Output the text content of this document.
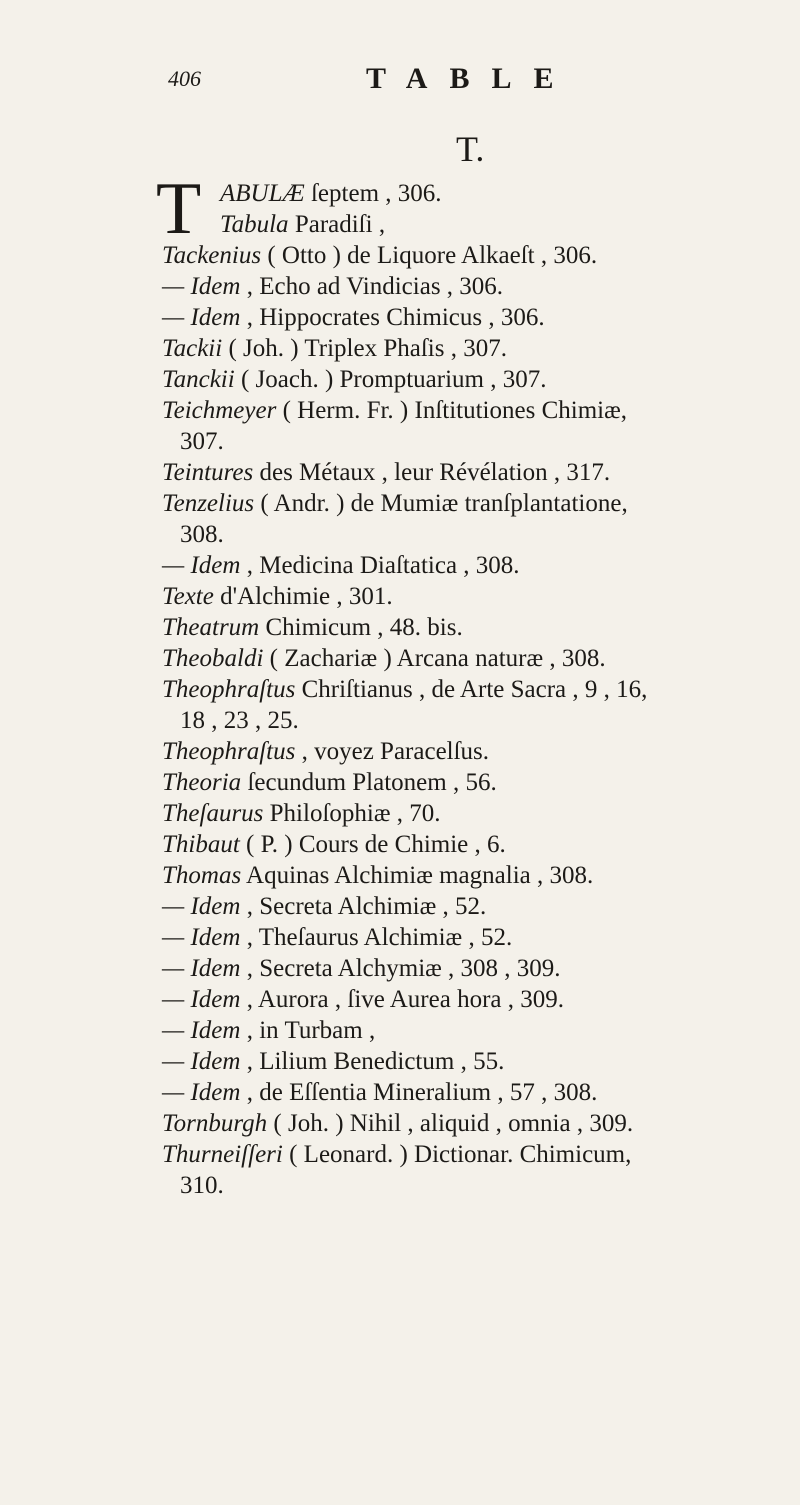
406	TABLE
T.
T ABULÆ ſeptem , 306.
Tabula Paradiſi ,
Tackenius ( Otto ) de Liquore Alkaeſt , 306.
— Idem , Echo ad Vindicias , 306.
— Idem , Hippocrates Chimicus , 306.
Tackii ( Joh. ) Triplex Phaſis , 307.
Tanckii ( Joach. ) Promptuarium , 307.
Teichmeyer ( Herm. Fr. ) Inſtitutiones Chimiæ,
307.
Teintures des Métaux , leur Révélation , 317.
Tenzelius ( Andr. ) de Mumiæ tranſplantatione,
308.
— Idem , Medicina Diaſtatica , 308.
Texte d'Alchimie , 301.
Theatrum Chimicum , 48. bis.
Theobaldi ( Zachariæ ) Arcana naturæ , 308.
Theophraſtus Chriſtianus , de Arte Sacra , 9 , 16,
18 , 23 , 25.
Theophraſtus , voyez Paracelſus.
Theoria ſecundum Platonem , 56.
Theſaurus Philoſophiæ , 70.
Thibaut ( P. ) Cours de Chimie , 6.
Thomas Aquinas Alchimiæ magnalia , 308.
— Idem , Secreta Alchimiæ , 52.
— Idem , Theſaurus Alchimiæ , 52.
— Idem , Secreta Alchymiæ , 308 , 309.
— Idem , Aurora , ſive Aurea hora , 309.
— Idem , in Turbam ,
— Idem , Lilium Benedictum , 55.
— Idem , de Eſſentia Mineralium , 57 , 308.
Tornburgh ( Joh. ) Nihil , aliquid , omnia , 309.
Thurneiſſeri ( Leonard. ) Dictionar. Chimicum,
310.
